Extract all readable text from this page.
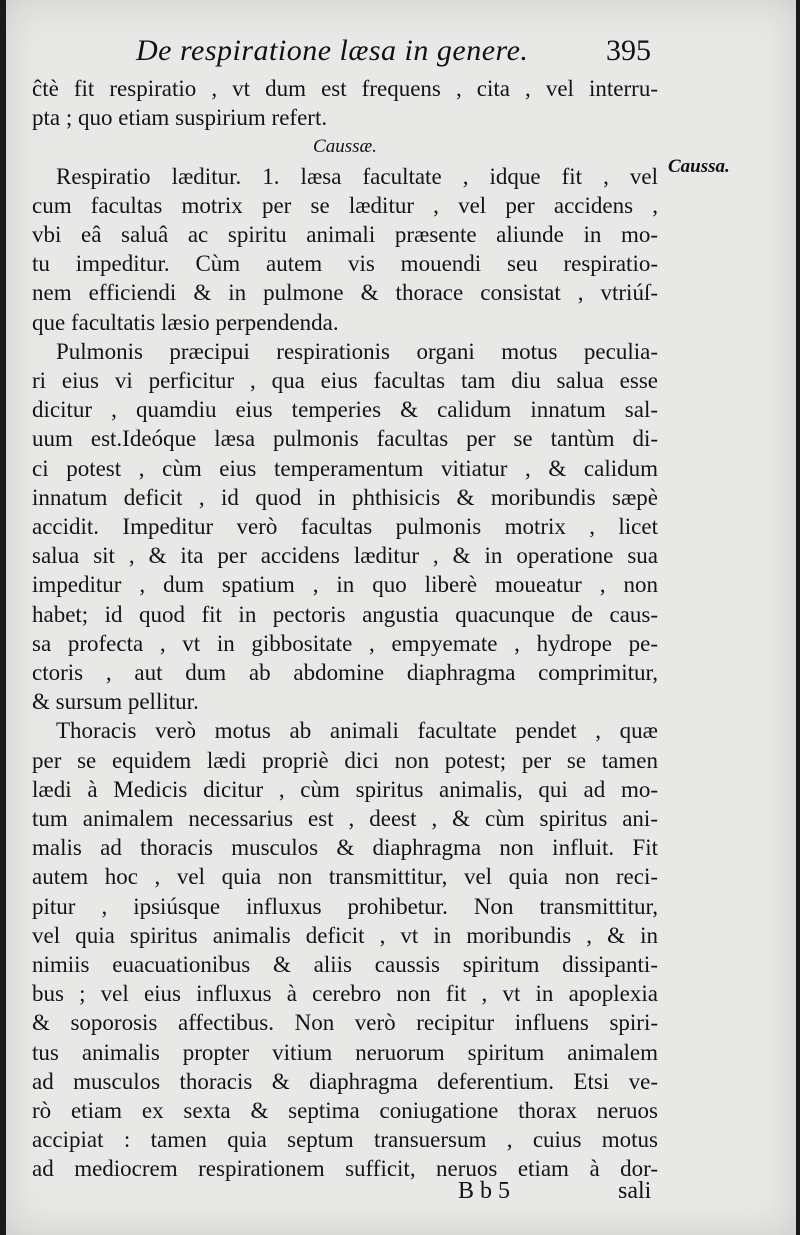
De respiratione læsa in genere.	395
ĉtè fit respiratio , vt dum est frequens , cita , vel interru-
pta ; quo etiam suspirium refert.
Caussæ.
Respiratio læditur. 1. læsa facultate , idque fit , vel
cum facultas motrix per se læditur , vel per accidens ,
vbi eâ saluâ ac spiritu animali præsente aliunde in mo-
tu impeditur. Cùm autem vis mouendi seu respiratio-
nem efficiendi & in pulmone & thorace consistat , vtriúſ-
que facultatis læsio perpendenda.
Pulmonis præcipui respirationis organi motus peculia-
ri eius vi perficitur , qua eius facultas tam diu salua esse
dicitur , quamdiu eius temperies & calidum innatum sal-
uum est.Ideóque læsa pulmonis facultas per se tantùm di-
ci potest , cùm eius temperamentum vitiatur , & calidum
innatum deficit , id quod in phthisicis & moribundis sæpè
accidit. Impeditur verò facultas pulmonis motrix , licet
salua sit , & ita per accidens læditur , & in operatione sua
impeditur , dum spatium , in quo liberè moueatur , non
habet; id quod fit in pectoris angustia quacunque de caus-
sa profecta , vt in gibbositate , empyemate , hydrope pe-
ctoris , aut dum ab abdomine diaphragma comprimitur,
& sursum pellitur.
Thoracis verò motus ab animali facultate pendet , quæ
per se equidem lædi propriè dici non potest; per se tamen
lædi à Medicis dicitur , cùm spiritus animalis, qui ad mo-
tum animalem necessarius est , deest , & cùm spiritus ani-
malis ad thoracis musculos & diaphragma non influit. Fit
autem hoc , vel quia non transmittitur, vel quia non reci-
pitur , ipsiúsque influxus prohibetur. Non transmittitur,
vel quia spiritus animalis deficit , vt in moribundis , & in
nimiis euacuationibus & aliis caussis spiritum dissipanti-
bus ; vel eius influxus à cerebro non fit , vt in apoplexia
& soporosis affectibus. Non verò recipitur influens spiri-
tus animalis propter vitium neruorum spiritum animalem
ad musculos thoracis & diaphragma deferentium. Etsi ve-
rò etiam ex sexta & septima coniugatione thorax neruos
accipiat : tamen quia septum transuersum , cuius motus
ad mediocrem respirationem sufficit, neruos etiam à dor-
Caussa.
B b 5	sali
